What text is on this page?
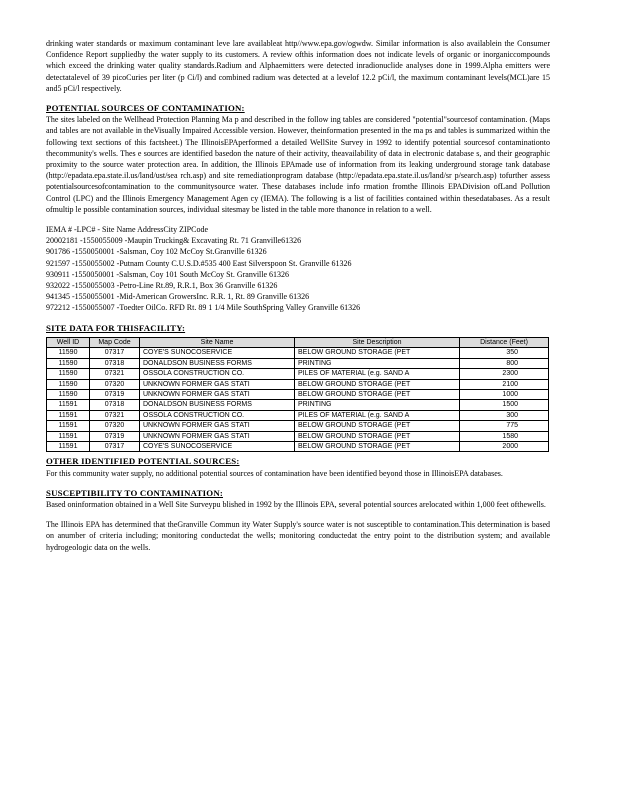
drinking water standards or maximum contaminant leve lare availableat http//www.epa.gov/ogwdw. Similar information is also availablein the Consumer Confidence Report suppliedby the water supply to its customers. A review ofthis information does not indicate levels of organic or inorganiccompounds which exceed the drinking water quality standards.Radium and Alphaemitters were detected inradionuclide analyses done in 1999.Alpha emitters were detectatalevel of 39 picoCuries per liter (p Ci/l) and combined radium was detected at a levelof 12.2 pCi/l, the maximum contaminant levels(MCL)are 15 and5 pCi/l respectively.

POTENTIAL SOURCES OF CONTAMINATION:

The sites labeled on the Wellhead Protection Planning Ma p and described in the follow ing tables are considered "potential"sourcesof contamination. (Maps and tables are not available in theVisually Impaired Accessible version. However, theinformation presented in the ma ps and tables is summarized within the following text sections of this factsheet.) The IllinoisEPAperformed a detailed WellSite Survey in 1992 to identify potential sourcesof contaminationto thecommunity's wells. Thes e sources are identified basedon the nature of their activity, theavailability of data in electronic database s, and their geographic proximity to the source water protection area. In addition, the Illinois EPAmade use of information from its leaking underground storage tank database (http://epadata.epa.state.il.us/land/ust/sea rch.asp) and site remediationprogram database (http://epadata.epa.state.il.us/land/sr p/search.asp) tofurther assess potentialsourcesofcontamination to the communitysource water. These databases include info rmation fromthe Illinois EPADivision ofLand Pollution Control (LPC) and the Illinois Emergency Management Agen cy (IEMA). The following is a list of facilities contained within thesedatabases. As a result ofmultip le possible contamination sources, individual sitesmay be listed in the table more thanonce in relation to a well.

IEMA # -LPC# - Site Name AddressCity ZIPCode

20002181 -1550055009 -Maupin Trucking& Excavating Rt. 71 Granville61326

901786 -1550050001 -Salsman, Coy 102 McCoy St.Granville 61326

921597 -1550055002 -Putnam County C.U.S.D.#535 400 East Silverspoon St. Granville 61326

930911 -1550050001 -Salsman, Coy 101 South McCoy St. Granville 61326

932022 -1550055003 -Petro-Line Rt.89, R.R.1, Box 36 Granville 61326

941345 -1550055001 -Mid-American GrowersInc. R.R. 1, Rt. 89 Granville 61326

972212 -1550055007 -Toedter OilCo. RFD Rt. 89 1 1/4 Mile SouthSpring Valley Granville 61326

SITE DATA FOR THISFACILITY:

Well ID	Map Code	Site Name	Site Description	Distance (Feet)
11590	07317	COYE'S SUNOCOSERVICE	BELOW GROUND STORAGE (PET	350
11590	07318	DONALDSON BUSINESS FORMS	PRINTING	800
11590	07321	OSSOLA CONSTRUCTION CO.	PILES OF MATERIAL (e.g. SAND A	2300
11590	07320	UNKNOWN FORMER GAS STATI	BELOW GROUND STORAGE (PET	2100
11590	07319	UNKNOWN FORMER GAS STATI	BELOW GROUND STORAGE (PET	1000
11591	07318	DONALDSON BUSINESS FORMS	PRINTING	1500
11591	07321	OSSOLA CONSTRUCTION CO.	PILES OF MATERIAL (e.g. SAND A	300
11591	07320	UNKNOWN FORMER GAS STATI	BELOW GROUND STORAGE (PET	775
11591	07319	UNKNOWN FORMER GAS STATI	BELOW GROUND STORAGE (PET	1580
11591	07317	COYE'S SUNOCOSERVICE	BELOW GROUND STORAGE (PET	2000

OTHER IDENTIFIED POTENTIAL SOURCES:

For this community water supply, no additional potential sources of contamination have been identified beyond those in IllinoisEPA databases.

SUSCEPTIBILITY TO CONTAMINATION:

Based oninformation obtained in a Well Site Surveypu blished in 1992 by the Illinois EPA, several potential sources arelocated within 1,000 feet ofthewells.

The Illinois EPA has determined that theGranville Commun ity Water Supply's source water is not susceptible to contamination.This determination is based on anumber of criteria including; monitoring conductedat the wells; monitoring conductedat the entry point to the distribution system; and available hydrogeologic data on the wells.
